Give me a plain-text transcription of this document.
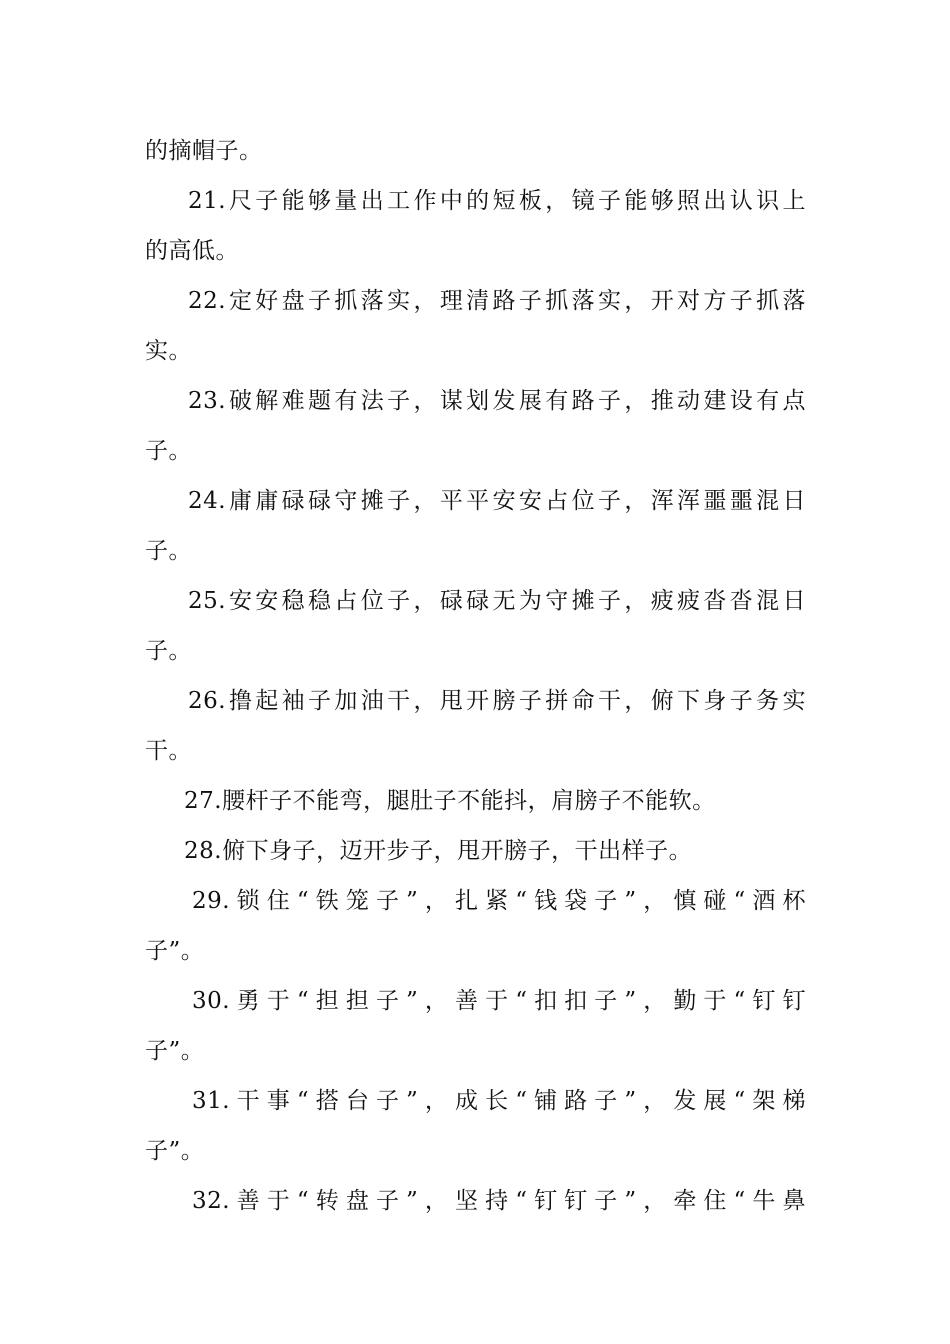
的摘帽子。
21.尺子能够量出工作中的短板，镜子能够照出认识上
的高低。
22.定好盘子抓落实，理清路子抓落实，开对方子抓落
实。
23.破解难题有法子，谋划发展有路子，推动建设有点
子。
24.庸庸碌碌守摊子，平平安安占位子，浑浑噩噩混日
子。
25.安安稳稳占位子，碌碌无为守摊子，疲疲沓沓混日
子。
26.撸起袖子加油干，甩开膀子拼命干，俯下身子务实
干。
27.腰杆子不能弯，腿肚子不能抖，肩膀子不能软。
28.俯下身子，迈开步子，甩开膀子，干出样子。
29.锁住“铁笼子”，扎紧“钱袋子”，慎碰“酒杯
子”。
30.勇于“担担子”，善于“扣扣子”，勤于“钉钉
子”。
31.干事“搭台子”，成长“铺路子”，发展“架梯
子”。
32.善于“转盘子”，坚持“钉钉子”，牵住“牛鼻
